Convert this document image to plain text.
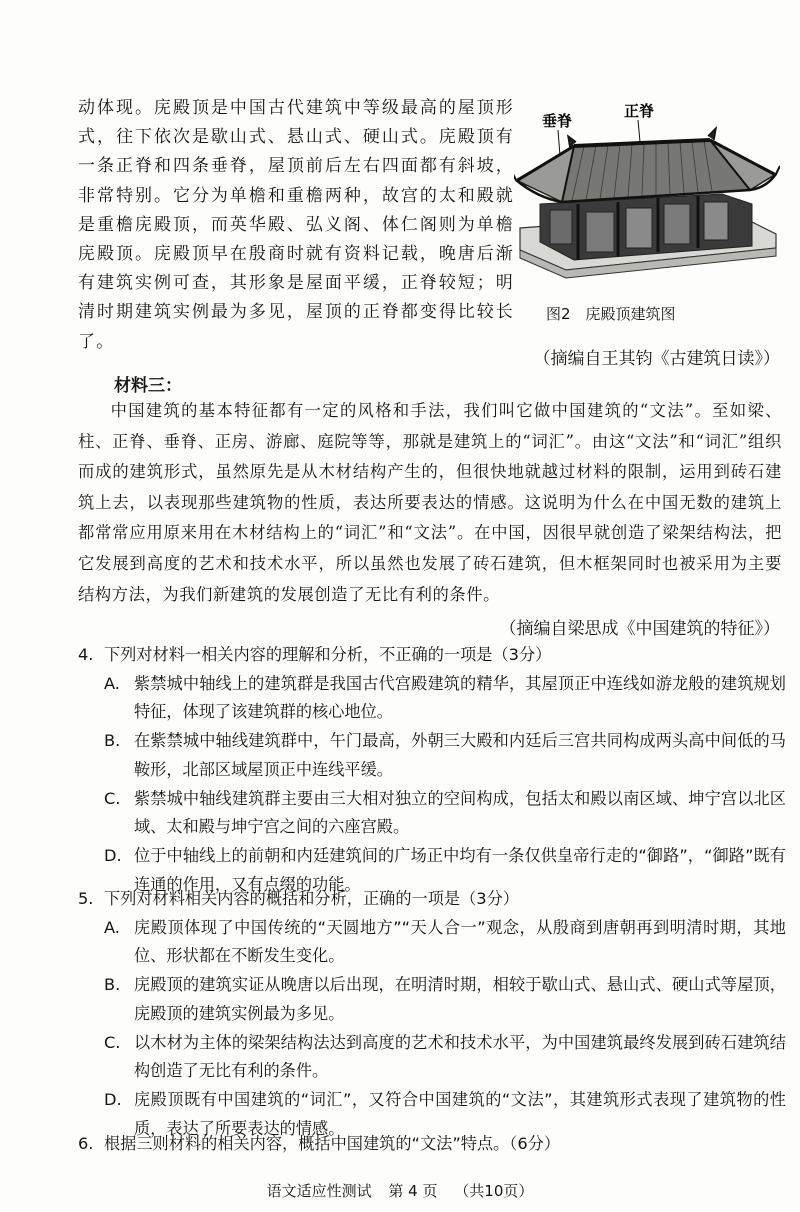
动体现。庑殿顶是中国古代建筑中等级最高的屋顶形式，往下依次是歇山式、悬山式、硬山式。庑殿顶有一条正脊和四条垂脊，屋顶前后左右四面都有斜坡，非常特别。它分为单檐和重檐两种，故宫的太和殿就是重檐庑殿顶，而英华殿、弘义阁、体仁阁则为单檐庑殿顶。庑殿顶早在殷商时就有资料记载，晚唐后渐有建筑实例可查，其形象是屋面平缓，正脊较短；明清时期建筑实例最为多见，屋顶的正脊都变得比较长了。

垂脊
正脊
图2　庑殿顶建筑图
（摘编自王其钧《古建筑日读》）
材料三：

中国建筑的基本特征都有一定的风格和手法，我们叫它做中国建筑的“文法”。至如梁、柱、正脊、垂脊、正房、游廊、庭院等等，那就是建筑上的“词汇”。由这“文法”和“词汇”组织而成的建筑形式，虽然原先是从木材结构产生的，但很快地就越过材料的限制，运用到砖石建筑上去，以表现那些建筑物的性质，表达所要表达的情感。这说明为什么在中国无数的建筑上都常常应用原来用在木材结构上的“词汇”和“文法”。在中国，因很早就创造了梁架结构法，把它发展到高度的艺术和技术水平，所以虽然也发展了砖石建筑，但木框架同时也被采用为主要结构方法，为我们新建筑的发展创造了无比有利的条件。

（摘编自梁思成《中国建筑的特征》）
4. 下列对材料一相关内容的理解和分析，不正确的一项是（3分）
A. 紫禁城中轴线上的建筑群是我国古代宫殿建筑的精华，其屋顶正中连线如游龙般的建筑规划特征，体现了该建筑群的核心地位。
B. 在紫禁城中轴线建筑群中，午门最高，外朝三大殿和内廷后三宫共同构成两头高中间低的马鞍形，北部区域屋顶正中连线平缓。
C. 紫禁城中轴线建筑群主要由三大相对独立的空间构成，包括太和殿以南区域、坤宁宫以北区域、太和殿与坤宁宫之间的六座宫殿。
D. 位于中轴线上的前朝和内廷建筑间的广场正中均有一条仅供皇帝行走的“御路”，“御路”既有连通的作用，又有点缀的功能。
5. 下列对材料相关内容的概括和分析，正确的一项是（3分）
A. 庑殿顶体现了中国传统的“天圆地方”“天人合一”观念，从殷商到唐朝再到明清时期，其地位、形状都在不断发生变化。
B. 庑殿顶的建筑实证从晚唐以后出现，在明清时期，相较于歇山式、悬山式、硬山式等屋顶，庑殿顶的建筑实例最为多见。
C. 以木材为主体的梁架结构法达到高度的艺术和技术水平，为中国建筑最终发展到砖石建筑结构创造了无比有利的条件。
D. 庑殿顶既有中国建筑的“词汇”，又符合中国建筑的“文法”，其建筑形式表现了建筑物的性质，表达了所要表达的情感。
6. 根据三则材料的相关内容，概括中国建筑的“文法”特点。（6分）
语文适应性测试 第 4 页 （共10页）
